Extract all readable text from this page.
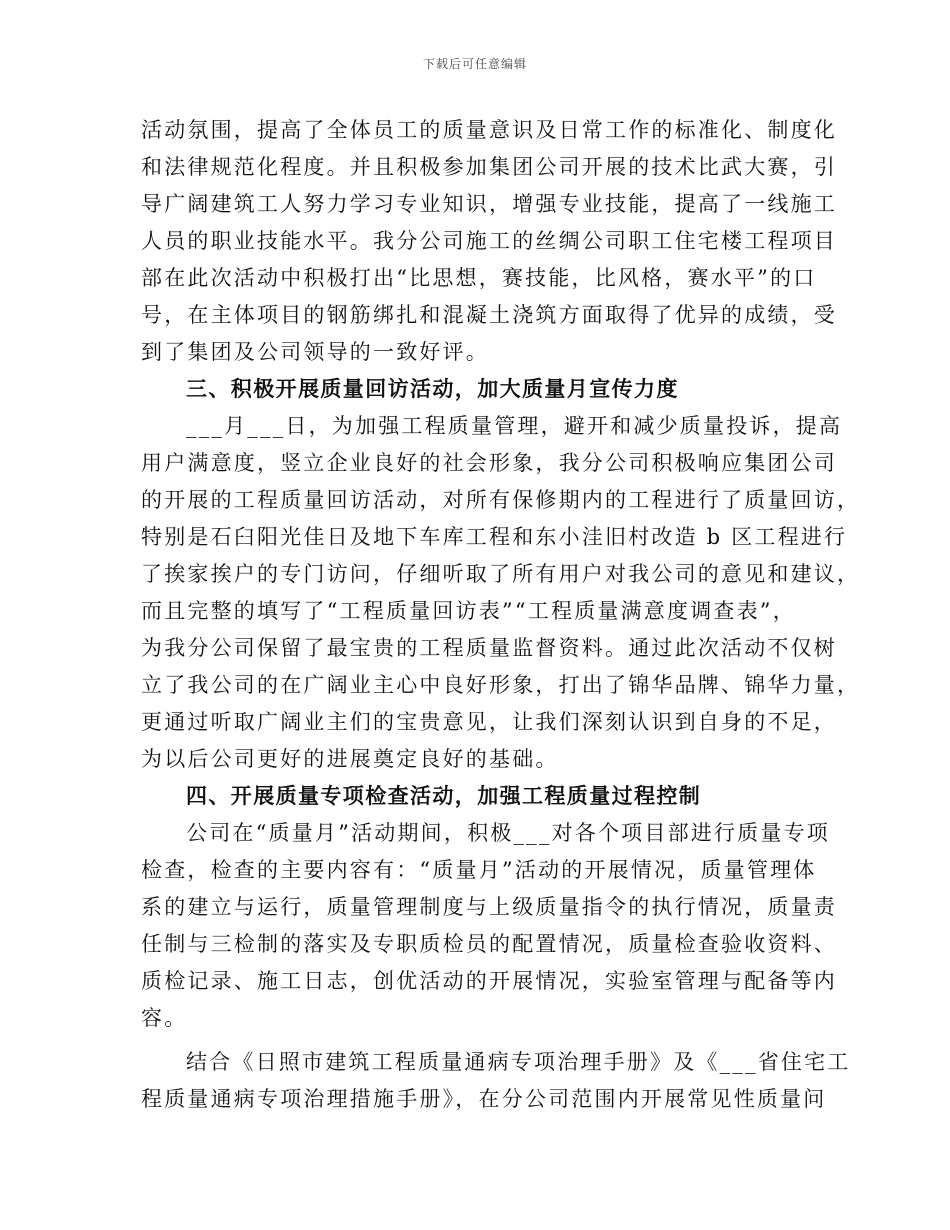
下载后可任意编辑
活动氛围，提高了全体员工的质量意识及日常工作的标准化、制度化
和法律规范化程度。并且积极参加集团公司开展的技术比武大赛，引
导广阔建筑工人努力学习专业知识，增强专业技能，提高了一线施工
人员的职业技能水平。我分公司施工的丝绸公司职工住宅楼工程项目
部在此次活动中积极打出“比思想，赛技能，比风格，赛水平”的口
号，在主体项目的钢筋绑扎和混凝土浇筑方面取得了优异的成绩，受
到了集团及公司领导的一致好评。
三、积极开展质量回访活动，加大质量月宣传力度
___月___日，为加强工程质量管理，避开和减少质量投诉，提高
用户满意度，竖立企业良好的社会形象，我分公司积极响应集团公司
的开展的工程质量回访活动，对所有保修期内的工程进行了质量回访，
特别是石臼阳光佳日及地下车库工程和东小洼旧村改造 b 区工程进行
了挨家挨户的专门访问，仔细听取了所有用户对我公司的意见和建议，
而且完整的填写了“工程质量回访表”“工程质量满意度调查表”，
为我分公司保留了最宝贵的工程质量监督资料。通过此次活动不仅树
立了我公司的在广阔业主心中良好形象，打出了锦华品牌、锦华力量，
更通过听取广阔业主们的宝贵意见，让我们深刻认识到自身的不足，
为以后公司更好的进展奠定良好的基础。
四、开展质量专项检查活动，加强工程质量过程控制
公司在“质量月”活动期间，积极___对各个项目部进行质量专项
检查，检查的主要内容有：“质量月”活动的开展情况，质量管理体
系的建立与运行，质量管理制度与上级质量指令的执行情况，质量责
任制与三检制的落实及专职质检员的配置情况，质量检查验收资料、
质检记录、施工日志，创优活动的开展情况，实验室管理与配备等内
容。
结合《日照市建筑工程质量通病专项治理手册》及《___省住宅工
程质量通病专项治理措施手册》，在分公司范围内开展常见性质量问
